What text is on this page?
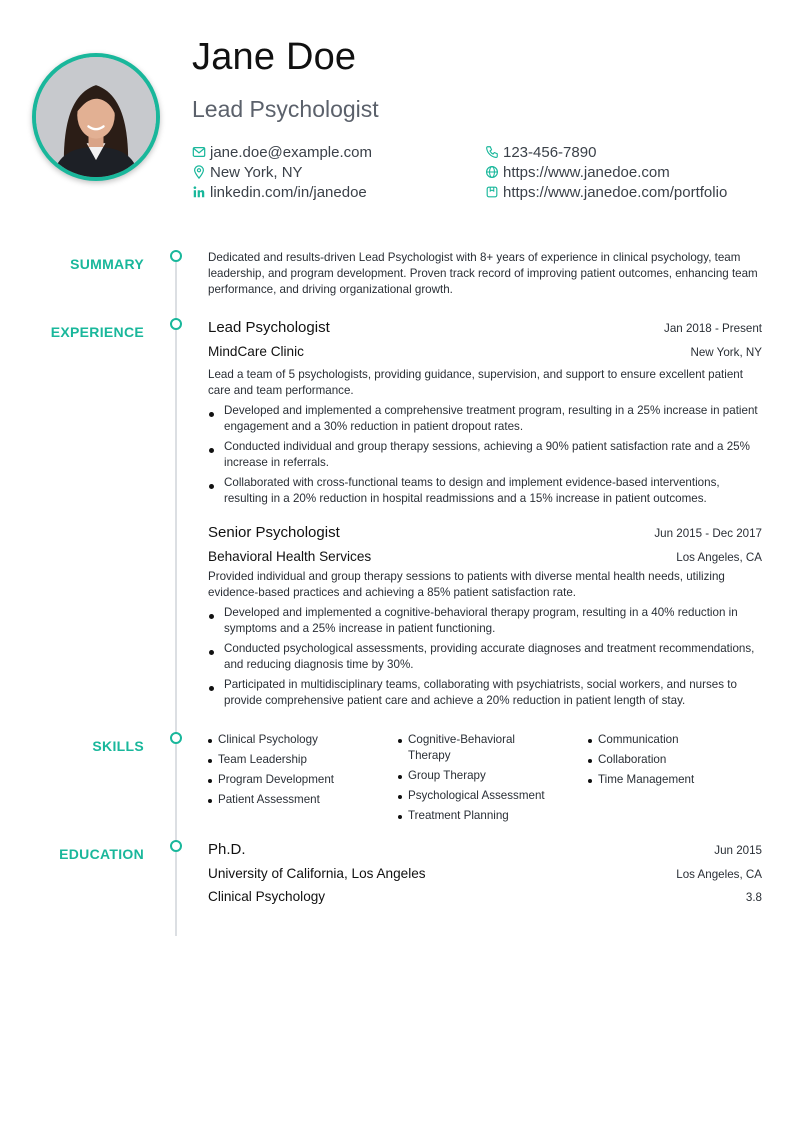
Jane Doe
Lead Psychologist
jane.doe@example.com
New York, NY
linkedin.com/in/janedoe
123-456-7890
https://www.janedoe.com
https://www.janedoe.com/portfolio
SUMMARY	Dedicated and results-driven Lead Psychologist with 8+ years of experience in clinical psychology, team leadership, and program development. Proven track record of improving patient outcomes, enhancing team performance, and driving organizational growth.
EXPERIENCE	Lead Psychologist	Jan 2018 - Present
MindCare Clinic	New York, NY
Lead a team of 5 psychologists, providing guidance, supervision, and support to ensure excellent patient care and team performance.
Developed and implemented a comprehensive treatment program, resulting in a 25% increase in patient engagement and a 30% reduction in patient dropout rates.
Conducted individual and group therapy sessions, achieving a 90% patient satisfaction rate and a 25% increase in referrals.
Collaborated with cross-functional teams to design and implement evidence-based interventions, resulting in a 20% reduction in hospital readmissions and a 15% increase in patient outcomes.
Senior Psychologist	Jun 2015 - Dec 2017
Behavioral Health Services	Los Angeles, CA
Provided individual and group therapy sessions to patients with diverse mental health needs, utilizing evidence-based practices and achieving a 85% patient satisfaction rate.
Developed and implemented a cognitive-behavioral therapy program, resulting in a 40% reduction in symptoms and a 25% increase in patient functioning.
Conducted psychological assessments, providing accurate diagnoses and treatment recommendations, and reducing diagnosis time by 30%.
Participated in multidisciplinary teams, collaborating with psychiatrists, social workers, and nurses to provide comprehensive patient care and achieve a 20% reduction in patient length of stay.
SKILLS	Clinical Psychology
Team Leadership
Program Development
Patient Assessment
Cognitive-Behavioral Therapy
Group Therapy
Psychological Assessment
Treatment Planning
Communication
Collaboration
Time Management
EDUCATION	Ph.D.	Jun 2015
University of California, Los Angeles	Los Angeles, CA
Clinical Psychology	3.8
